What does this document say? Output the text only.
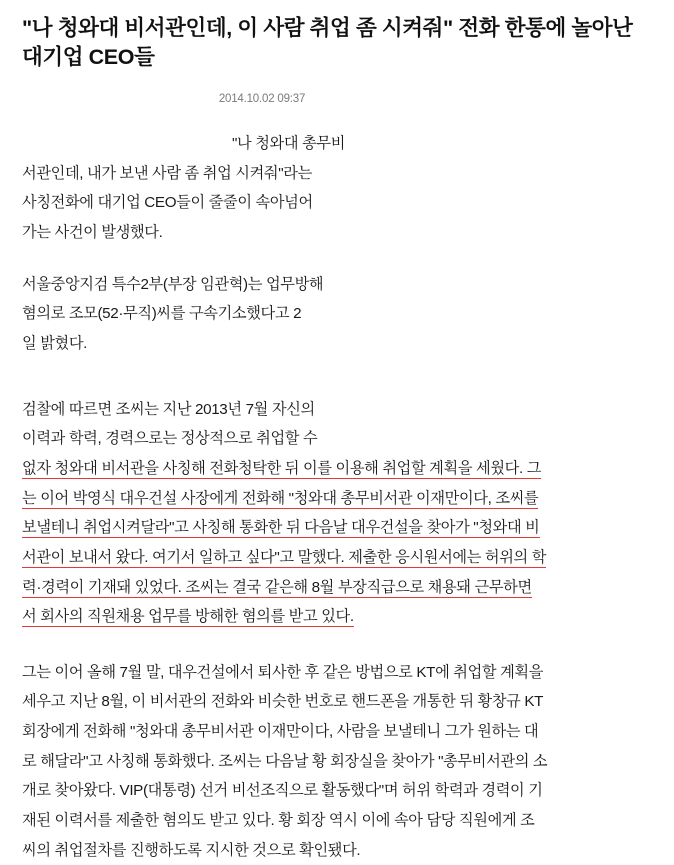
"나 청와대 비서관인데, 이 사람 취업 좀 시켜줘" 전화 한통에 놀아난 대기업 CEO들
2014.10.02 09:37

"나 청와대 총무비
서관인데, 내가 보낸 사람 좀 취업 시켜줘"라는
사칭전화에 대기업 CEO들이 줄줄이 속아넘어
가는 사건이 발생했다.

서울중앙지검 특수2부(부장 임관혁)는 업무방해
혐의로 조모(52·무직)씨를 구속기소했다고 2
일 밝혔다.

검찰에 따르면 조씨는 지난 2013년 7월 자신의
이력과 학력, 경력으로는 정상적으로 취업할 수

없자 청와대 비서관을 사칭해 전화청탁한 뒤 이를 이용해 취업할 계획을 세웠다. 그
는 이어 박영식 대우건설 사장에게 전화해 "청와대 총무비서관 이재만이다, 조씨를
보낼테니 취업시켜달라"고 사칭해 통화한 뒤 다음날 대우건설을 찾아가 "청와대 비
서관이 보내서 왔다. 여기서 일하고 싶다"고 말했다. 제출한 응시원서에는 허위의 학
력·경력이 기재돼 있었다. 조씨는 결국 같은해 8월 부장직급으로 채용돼 근무하면
서 회사의 직원채용 업무를 방해한 혐의를 받고 있다.

그는 이어 올해 7월 말, 대우건설에서 퇴사한 후 같은 방법으로 KT에 취업할 계획을
세우고 지난 8월, 이 비서관의 전화와 비슷한 번호로 핸드폰을 개통한 뒤 황창규 KT
회장에게 전화해 "청와대 총무비서관 이재만이다, 사람을 보낼테니 그가 원하는 대
로 해달라"고 사칭해 통화했다. 조씨는 다음날 황 회장실을 찾아가 "총무비서관의 소
개로 찾아왔다. VIP(대통령) 선거 비선조직으로 활동했다"며 허위 학력과 경력이 기
재된 이력서를 제출한 혐의도 받고 있다. 황 회장 역시 이에 속아 담당 직원에게 조
씨의 취업절차를 진행하도록 지시한 것으로 확인됐다.
